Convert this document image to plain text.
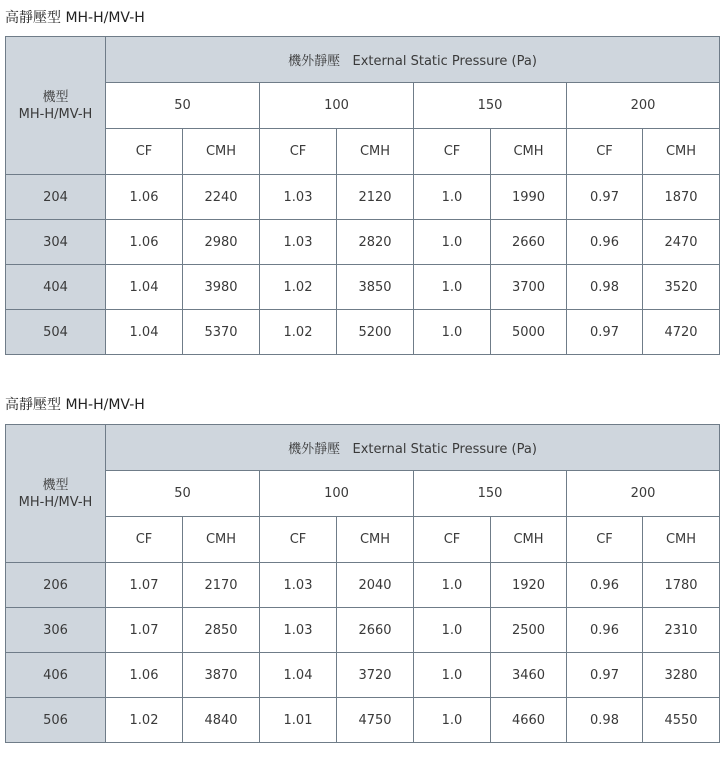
高靜壓型 MH-H/MV-H
機型
MH-H/MV-H	機外靜壓   External Static Pressure (Pa)							
	50		100		150		200	
	CF	CMH	CF	CMH	CF	CMH	CF	CMH
204	1.06	2240	1.03	2120	1.0	1990	0.97	1870
304	1.06	2980	1.03	2820	1.0	2660	0.96	2470
404	1.04	3980	1.02	3850	1.0	3700	0.98	3520
504	1.04	5370	1.02	5200	1.0	5000	0.97	4720
高靜壓型 MH-H/MV-H
機型
MH-H/MV-H	機外靜壓   External Static Pressure (Pa)							
	50		100		150		200	
	CF	CMH	CF	CMH	CF	CMH	CF	CMH
206	1.07	2170	1.03	2040	1.0	1920	0.96	1780
306	1.07	2850	1.03	2660	1.0	2500	0.96	2310
406	1.06	3870	1.04	3720	1.0	3460	0.97	3280
506	1.02	4840	1.01	4750	1.0	4660	0.98	4550
